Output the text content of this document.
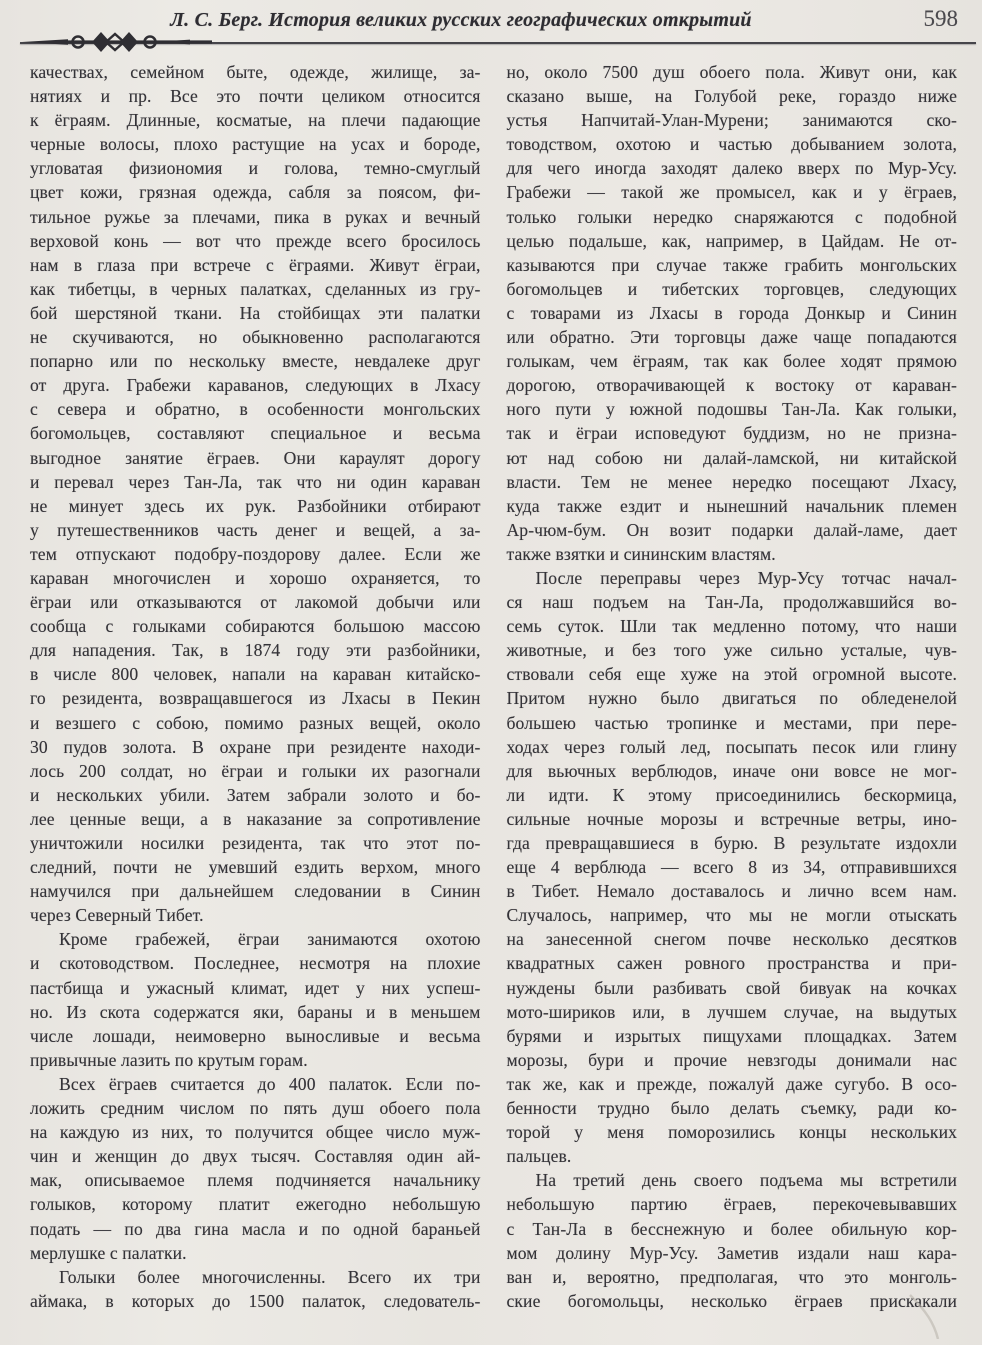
Л. С. Берг. История великих русских географических открытий	598

качествах, семейном быте, одежде, жилище, за-
нятиях и пр. Все это почти целиком относится
к ёграям. Длинные, косматые, на плечи падающие
черные волосы, плохо растущие на усах и бороде,
угловатая физиономия и голова, темно-смуглый
цвет кожи, грязная одежда, сабля за поясом, фи-
тильное ружье за плечами, пика в руках и вечный
верховой конь — вот что прежде всего бросилось
нам в глаза при встрече с ёграями. Живут ёграи,
как тибетцы, в черных палатках, сделанных из гру-
бой шерстяной ткани. На стойбищах эти палатки
не скучиваются, но обыкновенно располагаются
попарно или по нескольку вместе, невдалеке друг
от друга. Грабежи караванов, следующих в Лхасу
с севера и обратно, в особенности монгольских
богомольцев, составляют специальное и весьма
выгодное занятие ёграев. Они караулят дорогу
и перевал через Тан-Ла, так что ни один караван
не минует здесь их рук. Разбойники отбирают
у путешественников часть денег и вещей, а за-
тем отпускают подобру-поздорову далее. Если же
караван многочислен и хорошо охраняется, то
ёграи или отказываются от лакомой добычи или
сообща с голыками собираются большою массою
для нападения. Так, в 1874 году эти разбойники,
в числе 800 человек, напали на караван китайско-
го резидента, возвращавшегося из Лхасы в Пекин
и везшего с собою, помимо разных вещей, около
30 пудов золота. В охране при резиденте находи-
лось 200 солдат, но ёграи и голыки их разогнали
и нескольких убили. Затем забрали золото и бо-
лее ценные вещи, а в наказание за сопротивление
уничтожили носилки резидента, так что этот по-
следний, почти не умевший ездить верхом, много
намучился при дальнейшем следовании в Синин
через Северный Тибет.

Кроме грабежей, ёграи занимаются охотою
и скотоводством. Последнее, несмотря на плохие
пастбища и ужасный климат, идет у них успеш-
но. Из скота содержатся яки, бараны и в меньшем
числе лошади, неимоверно выносливые и весьма
привычные лазить по крутым горам.

Всех ёграев считается до 400 палаток. Если по-
ложить средним числом по пять душ обоего пола
на каждую из них, то получится общее число муж-
чин и женщин до двух тысяч. Составляя один ай-
мак, описываемое племя подчиняется начальнику
голыков, которому платит ежегодно небольшую
подать — по два гина масла и по одной бараньей
мерлушке с палатки.

Голыки более многочисленны. Всего их три
аймака, в которых до 1500 палаток, следователь-

но, около 7500 душ обоего пола. Живут они, как
сказано выше, на Голубой реке, гораздо ниже
устья Напчитай-Улан-Мурени; занимаются ско-
товодством, охотою и частью добыванием золота,
для чего иногда заходят далеко вверх по Мур-Усу.
Грабежи — такой же промысел, как и у ёграев,
только голыки нередко снаряжаются с подобной
целью подальше, как, например, в Цайдам. Не от-
казываются при случае также грабить монгольских
богомольцев и тибетских торговцев, следующих
с товарами из Лхасы в города Донкыр и Синин
или обратно. Эти торговцы даже чаще попадаются
голыкам, чем ёграям, так как более ходят прямою
дорогою, отворачивающей к востоку от караван-
ного пути у южной подошвы Тан-Ла. Как голыки,
так и ёграи исповедуют буддизм, но не призна-
ют над собою ни далай-ламской, ни китайской
власти. Тем не менее нередко посещают Лхасу,
куда также ездит и нынешний начальник племен
Ар-чюм-бум. Он возит подарки далай-ламе, дает
также взятки и сининским властям.

После переправы через Мур-Усу тотчас начал-
ся наш подъем на Тан-Ла, продолжавшийся во-
семь суток. Шли так медленно потому, что наши
животные, и без того уже сильно усталые, чув-
ствовали себя еще хуже на этой огромной высоте.
Притом нужно было двигаться по обледенелой
большею частью тропинке и местами, при пере-
ходах через голый лед, посыпать песок или глину
для вьючных верблюдов, иначе они вовсе не мог-
ли идти. К этому присоединились бескормица,
сильные ночные морозы и встречные ветры, ино-
гда превращавшиеся в бурю. В результате издохли
еще 4 верблюда — всего 8 из 34, отправившихся
в Тибет. Немало доставалось и лично всем нам.
Случалось, например, что мы не могли отыскать
на занесенной снегом почве несколько десятков
квадратных сажен ровного пространства и при-
нуждены были разбивать свой бивуак на кочках
мото-шириков или, в лучшем случае, на выдутых
бурями и изрытых пищухами площадках. Затем
морозы, бури и прочие невзгоды донимали нас
так же, как и прежде, пожалуй даже сугубо. В осо-
бенности трудно было делать съемку, ради ко-
торой у меня поморозились концы нескольких
пальцев.

На третий день своего подъема мы встретили
небольшую партию ёграев, перекочевывавших
с Тан-Ла в бесснежную и более обильную кор-
мом долину Мур-Усу. Заметив издали наш кара-
ван и, вероятно, предполагая, что это монголь-
ские богомольцы, несколько ёграев прискакали
